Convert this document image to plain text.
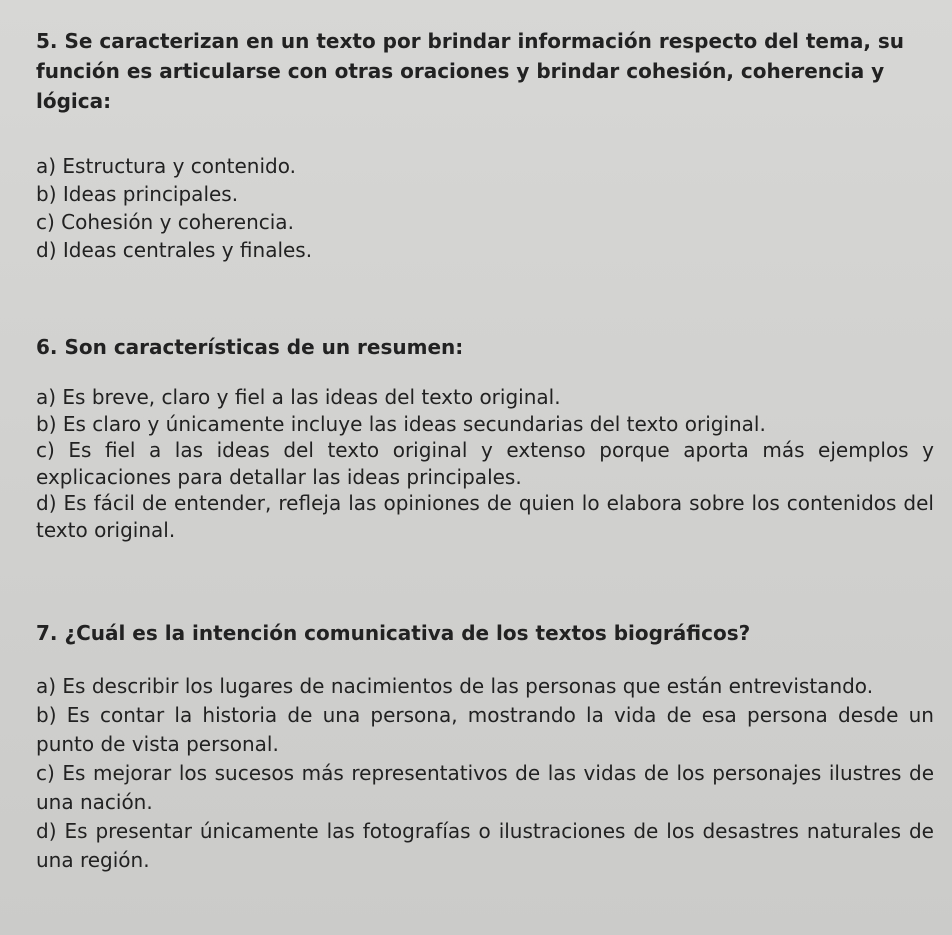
5. Se caracterizan en un texto por brindar información respecto del tema, su función es articularse con otras oraciones y brindar cohesión, coherencia y lógica:

a) Estructura y contenido.
b) Ideas principales.
c) Cohesión y coherencia.
d) Ideas centrales y finales.

6. Son características de un resumen:

a) Es breve, claro y fiel a las ideas del texto original.
b) Es claro y únicamente incluye las ideas secundarias del texto original.
c) Es fiel a las ideas del texto original y extenso porque aporta más ejemplos y explicaciones para detallar las ideas principales.
d) Es fácil de entender, refleja las opiniones de quien lo elabora sobre los contenidos del texto original.

7. ¿Cuál es la intención comunicativa de los textos biográficos?

a) Es describir los lugares de nacimientos de las personas que están entrevistando.
b) Es contar la historia de una persona, mostrando la vida de esa persona desde un punto de vista personal.
c) Es mejorar los sucesos más representativos de las vidas de los personajes ilustres de una nación.
d) Es presentar únicamente las fotografías o ilustraciones de los desastres naturales de una región.
